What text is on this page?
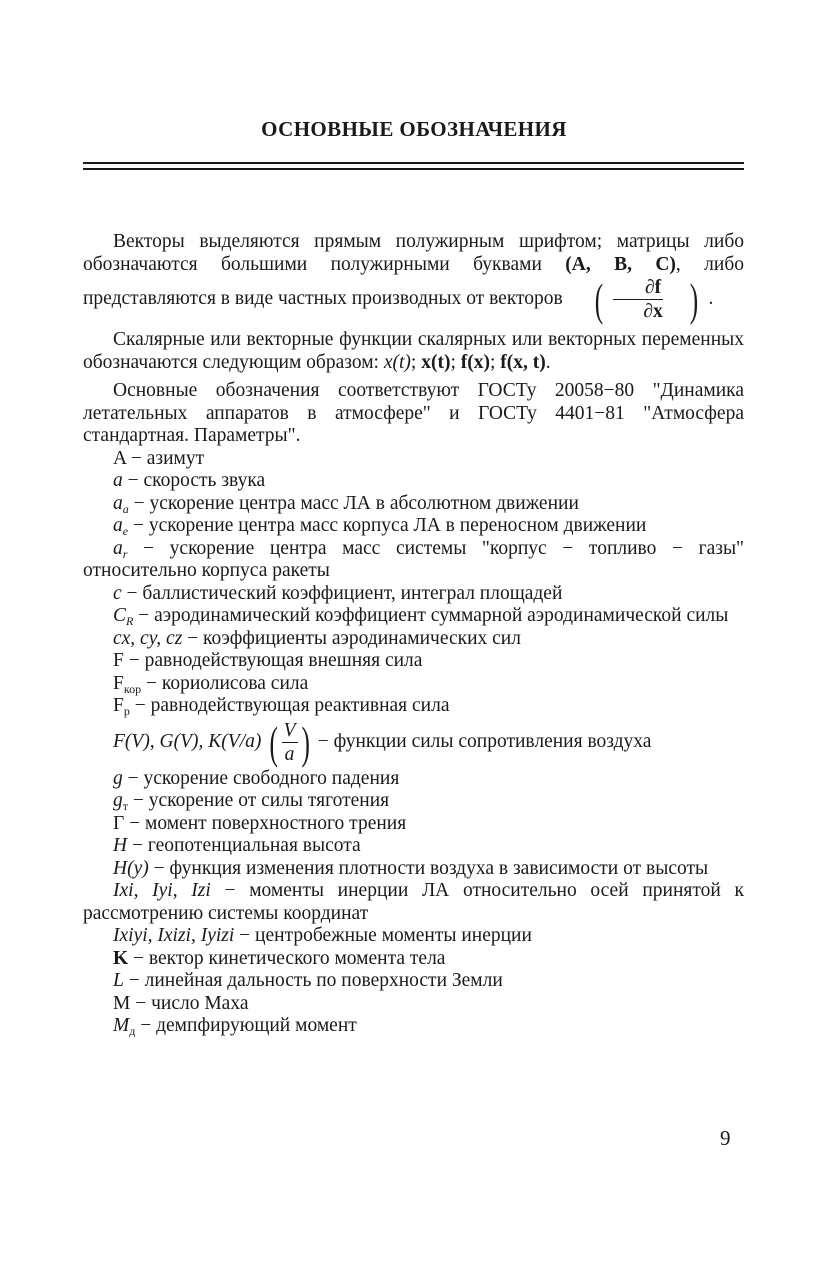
ОСНОВНЫЕ ОБОЗНАЧЕНИЯ

Векторы выделяются прямым полужирным шрифтом; матрицы либо обозначаются большими полужирными буквами (A, B, C), либо представляются в виде частных производных от векторов ( $\frac{\partial f}{\partial x}$ ) .

Скалярные или векторные функции скалярных или векторных переменных обозначаются следующим образом: x(t); x(t); f(x); f(x, t).

Основные обозначения соответствуют ГОСТу 20058−80 "Динамика летательных аппаратов в атмосфере" и ГОСТу 4401−81 "Атмосфера стандартная. Параметры".

A − азимут
a − скорость звука
$a_a$ − ускорение центра масс ЛА в абсолютном движении
$a_e$ − ускорение центра масс корпуса ЛА в переносном движении
$a_r$ − ускорение центра масс системы "корпус − топливо − газы" относительно корпуса ракеты
c − баллистический коэффициент, интеграл площадей
$C_R$ − аэродинамический коэффициент суммарной аэродинамической силы
cx, cy, cz − коэффициенты аэродинамических сил
F − равнодействующая внешняя сила
$F_{кор}$ − кориолисова сила
$F_р$ − равнодействующая реактивная сила
F(V), G(V), K(V/a)
( $\frac{V}{a}$ )
−
функции силы сопротивления воздуха
g − ускорение свободного падения
$g_т$ − ускорение от силы тяготения
Γ − момент поверхностного трения
H − геопотенциальная высота
H(y) − функция изменения плотности воздуха в зависимости от высоты
Ixi, Iyi, Izi − моменты инерции ЛА относительно осей принятой к рассмотрению системы координат
Ixiyi, Ixizi, Iyizi − центробежные моменты инерции
K − вектор кинетического момента тела
L − линейная дальность по поверхности Земли
M − число Маха
$M_д$ − демпфирующий момент
9
